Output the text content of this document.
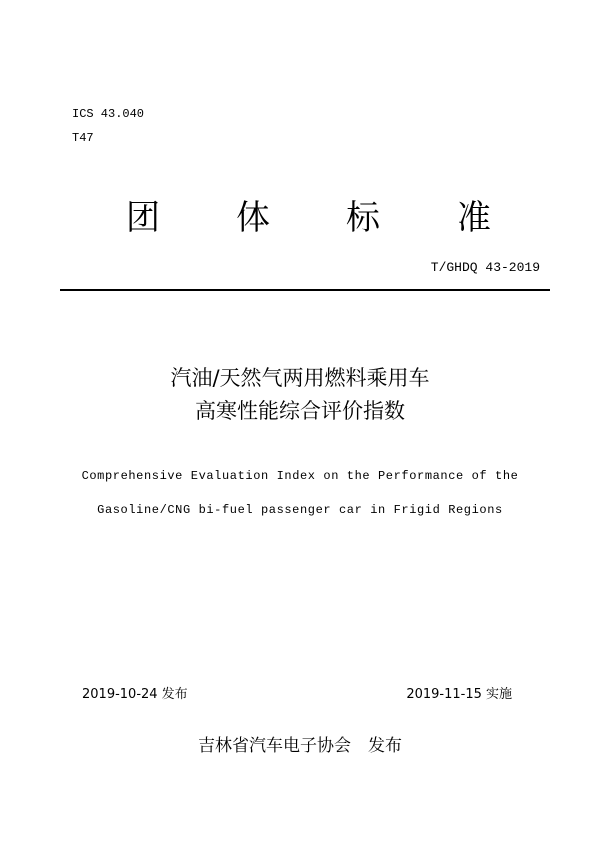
ICS 43.040
T47
团 体 标 准
T/GHDQ 43-2019
汽油/天然气两用燃料乘用车
高寒性能综合评价指数
Comprehensive Evaluation Index on the Performance of the
Gasoline/CNG bi-fuel passenger car in Frigid Regions
2019-10-24 发布	2019-11-15 实施
吉林省汽车电子协会　发布
